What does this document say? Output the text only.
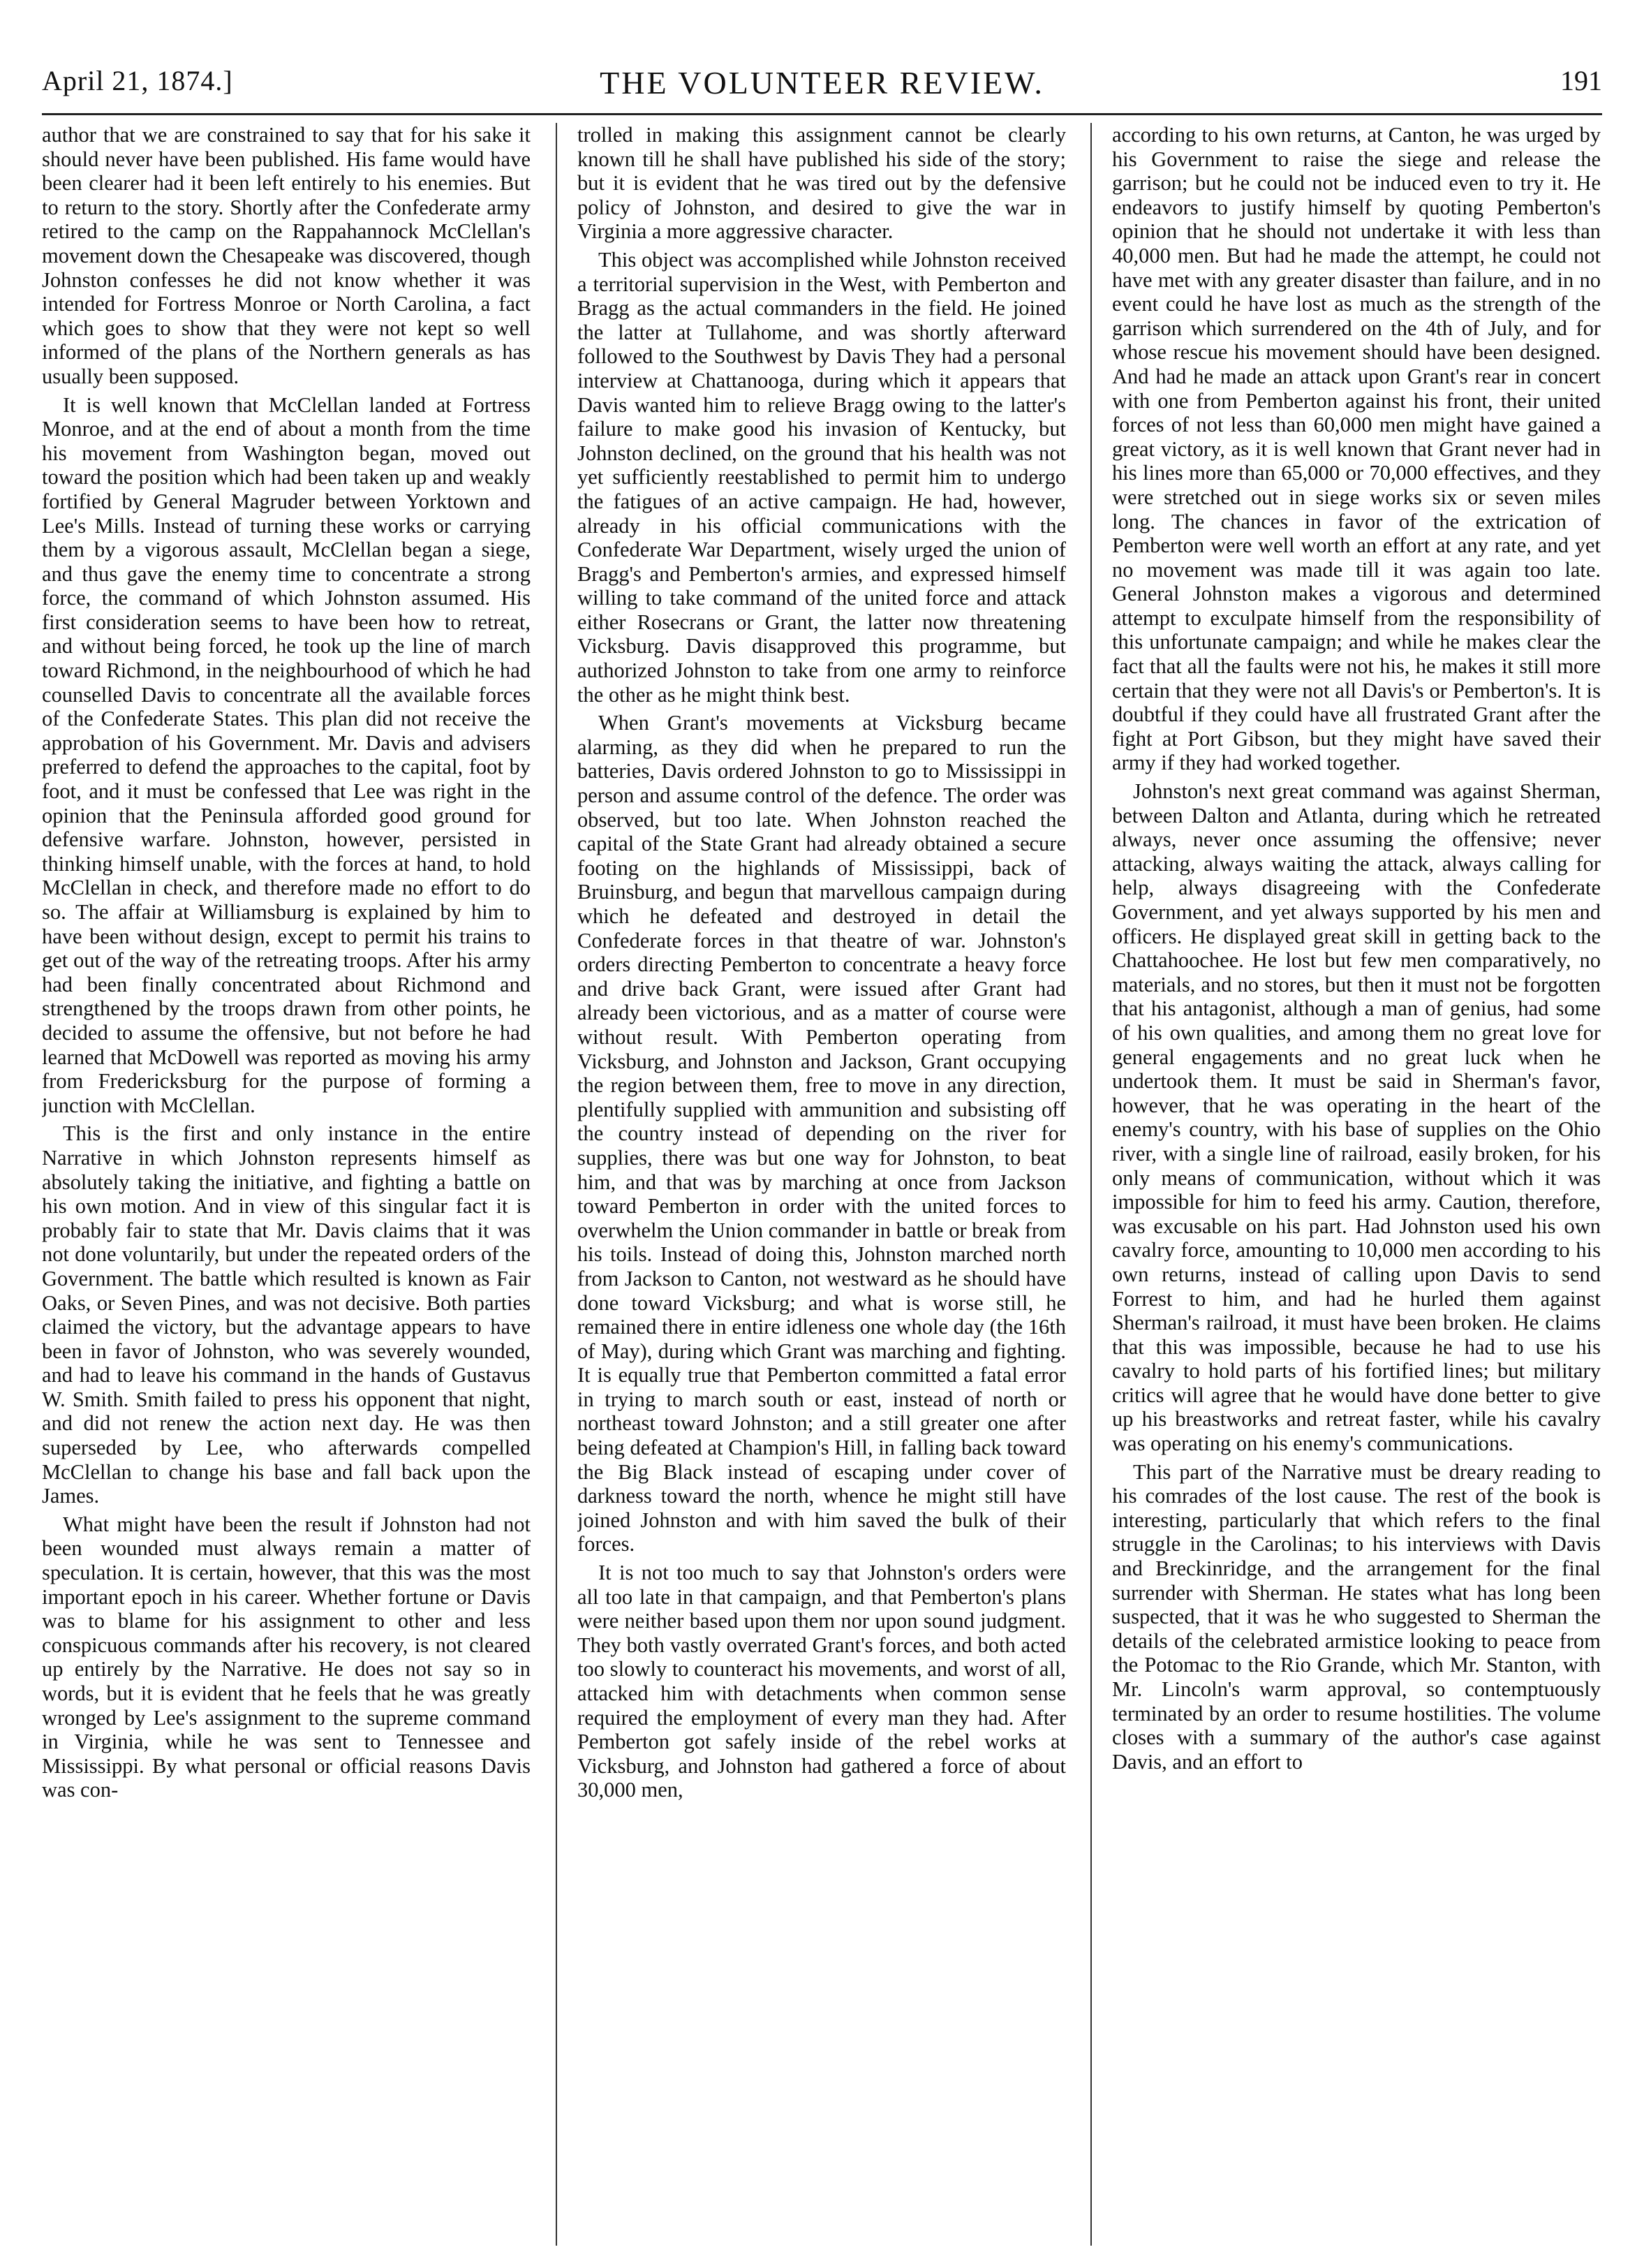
April 21, 1874.]	THE VOLUNTEER REVIEW.	191

author that we are constrained to say that for his sake it should never have been published. His fame would have been clearer had it been left entirely to his enemies. But to return to the story. Shortly after the Confederate army retired to the camp on the Rappahannock McClellan's movement down the Chesapeake was discovered, though Johnston confesses he did not know whether it was intended for Fortress Monroe or North Carolina, a fact which goes to show that they were not kept so well informed of the plans of the Northern generals as has usually been supposed.

It is well known that McClellan landed at Fortress Monroe, and at the end of about a month from the time his movement from Washington began, moved out toward the position which had been taken up and weakly fortified by General Magruder between Yorktown and Lee's Mills. Instead of turning these works or carrying them by a vigorous assault, McClellan began a siege, and thus gave the enemy time to concentrate a strong force, the command of which Johnston assumed. His first consideration seems to have been how to retreat, and without being forced, he took up the line of march toward Richmond, in the neighbourhood of which he had counselled Davis to concentrate all the available forces of the Confederate States. This plan did not receive the approbation of his Government. Mr. Davis and advisers preferred to defend the approaches to the capital, foot by foot, and it must be confessed that Lee was right in the opinion that the Peninsula afforded good ground for defensive warfare. Johnston, however, persisted in thinking himself unable, with the forces at hand, to hold McClellan in check, and therefore made no effort to do so. The affair at Williamsburg is explained by him to have been without design, except to permit his trains to get out of the way of the retreating troops. After his army had been finally concentrated about Richmond and strengthened by the troops drawn from other points, he decided to assume the offensive, but not before he had learned that McDowell was reported as moving his army from Fredericksburg for the purpose of forming a junction with McClellan.

This is the first and only instance in the entire Narrative in which Johnston represents himself as absolutely taking the initiative, and fighting a battle on his own motion. And in view of this singular fact it is probably fair to state that Mr. Davis claims that it was not done voluntarily, but under the repeated orders of the Government. The battle which resulted is known as Fair Oaks, or Seven Pines, and was not decisive. Both parties claimed the victory, but the advantage appears to have been in favor of Johnston, who was severely wounded, and had to leave his command in the hands of Gustavus W. Smith. Smith failed to press his opponent that night, and did not renew the action next day. He was then superseded by Lee, who afterwards compelled McClellan to change his base and fall back upon the James.

What might have been the result if Johnston had not been wounded must always remain a matter of speculation. It is certain, however, that this was the most important epoch in his career. Whether fortune or Davis was to blame for his assignment to other and less conspicuous commands after his recovery, is not cleared up entirely by the Narrative. He does not say so in words, but it is evident that he feels that he was greatly wronged by Lee's assignment to the supreme command in Virginia, while he was sent to Tennessee and Mississippi. By what personal or official reasons Davis was con-

trolled in making this assignment cannot be clearly known till he shall have published his side of the story; but it is evident that he was tired out by the defensive policy of Johnston, and desired to give the war in Virginia a more aggressive character.

This object was accomplished while Johnston received a territorial supervision in the West, with Pemberton and Bragg as the actual commanders in the field. He joined the latter at Tullahome, and was shortly afterward followed to the Southwest by Davis They had a personal interview at Chattanooga, during which it appears that Davis wanted him to relieve Bragg owing to the latter's failure to make good his invasion of Kentucky, but Johnston declined, on the ground that his health was not yet sufficiently reestablished to permit him to undergo the fatigues of an active campaign. He had, however, already in his official communications with the Confederate War Department, wisely urged the union of Bragg's and Pemberton's armies, and expressed himself willing to take command of the united force and attack either Rosecrans or Grant, the latter now threatening Vicksburg. Davis disapproved this programme, but authorized Johnston to take from one army to reinforce the other as he might think best.

When Grant's movements at Vicksburg became alarming, as they did when he prepared to run the batteries, Davis ordered Johnston to go to Mississippi in person and assume control of the defence. The order was observed, but too late. When Johnston reached the capital of the State Grant had already obtained a secure footing on the highlands of Mississippi, back of Bruinsburg, and begun that marvellous campaign during which he defeated and destroyed in detail the Confederate forces in that theatre of war. Johnston's orders directing Pemberton to concentrate a heavy force and drive back Grant, were issued after Grant had already been victorious, and as a matter of course were without result. With Pemberton operating from Vicksburg, and Johnston and Jackson, Grant occupying the region between them, free to move in any direction, plentifully supplied with ammunition and subsisting off the country instead of depending on the river for supplies, there was but one way for Johnston, to beat him, and that was by marching at once from Jackson toward Pemberton in order with the united forces to overwhelm the Union commander in battle or break from his toils. Instead of doing this, Johnston marched north from Jackson to Canton, not westward as he should have done toward Vicksburg; and what is worse still, he remained there in entire idleness one whole day (the 16th of May), during which Grant was marching and fighting. It is equally true that Pemberton committed a fatal error in trying to march south or east, instead of north or northeast toward Johnston; and a still greater one after being defeated at Champion's Hill, in falling back toward the Big Black instead of escaping under cover of darkness toward the north, whence he might still have joined Johnston and with him saved the bulk of their forces.

It is not too much to say that Johnston's orders were all too late in that campaign, and that Pemberton's plans were neither based upon them nor upon sound judgment. They both vastly overrated Grant's forces, and both acted too slowly to counteract his movements, and worst of all, attacked him with detachments when common sense required the employment of every man they had. After Pemberton got safely inside of the rebel works at Vicksburg, and Johnston had gathered a force of about 30,000 men,

according to his own returns, at Canton, he was urged by his Government to raise the siege and release the garrison; but he could not be induced even to try it. He endeavors to justify himself by quoting Pemberton's opinion that he should not undertake it with less than 40,000 men. But had he made the attempt, he could not have met with any greater disaster than failure, and in no event could he have lost as much as the strength of the garrison which surrendered on the 4th of July, and for whose rescue his movement should have been designed. And had he made an attack upon Grant's rear in concert with one from Pemberton against his front, their united forces of not less than 60,000 men might have gained a great victory, as it is well known that Grant never had in his lines more than 65,000 or 70,000 effectives, and they were stretched out in siege works six or seven miles long. The chances in favor of the extrication of Pemberton were well worth an effort at any rate, and yet no movement was made till it was again too late. General Johnston makes a vigorous and determined attempt to exculpate himself from the responsibility of this unfortunate campaign; and while he makes clear the fact that all the faults were not his, he makes it still more certain that they were not all Davis's or Pemberton's. It is doubtful if they could have all frustrated Grant after the fight at Port Gibson, but they might have saved their army if they had worked together.

Johnston's next great command was against Sherman, between Dalton and Atlanta, during which he retreated always, never once assuming the offensive; never attacking, always waiting the attack, always calling for help, always disagreeing with the Confederate Government, and yet always supported by his men and officers. He displayed great skill in getting back to the Chattahoochee. He lost but few men comparatively, no materials, and no stores, but then it must not be forgotten that his antagonist, although a man of genius, had some of his own qualities, and among them no great love for general engagements and no great luck when he undertook them. It must be said in Sherman's favor, however, that he was operating in the heart of the enemy's country, with his base of supplies on the Ohio river, with a single line of railroad, easily broken, for his only means of communication, without which it was impossible for him to feed his army. Caution, therefore, was excusable on his part. Had Johnston used his own cavalry force, amounting to 10,000 men according to his own returns, instead of calling upon Davis to send Forrest to him, and had he hurled them against Sherman's railroad, it must have been broken. He claims that this was impossible, because he had to use his cavalry to hold parts of his fortified lines; but military critics will agree that he would have done better to give up his breastworks and retreat faster, while his cavalry was operating on his enemy's communications.

This part of the Narrative must be dreary reading to his comrades of the lost cause. The rest of the book is interesting, particularly that which refers to the final struggle in the Carolinas; to his interviews with Davis and Breckinridge, and the arrangement for the final surrender with Sherman. He states what has long been suspected, that it was he who suggested to Sherman the details of the celebrated armistice looking to peace from the Potomac to the Rio Grande, which Mr. Stanton, with Mr. Lincoln's warm approval, so contemptuously terminated by an order to resume hostilities. The volume closes with a summary of the author's case against Davis, and an effort to
